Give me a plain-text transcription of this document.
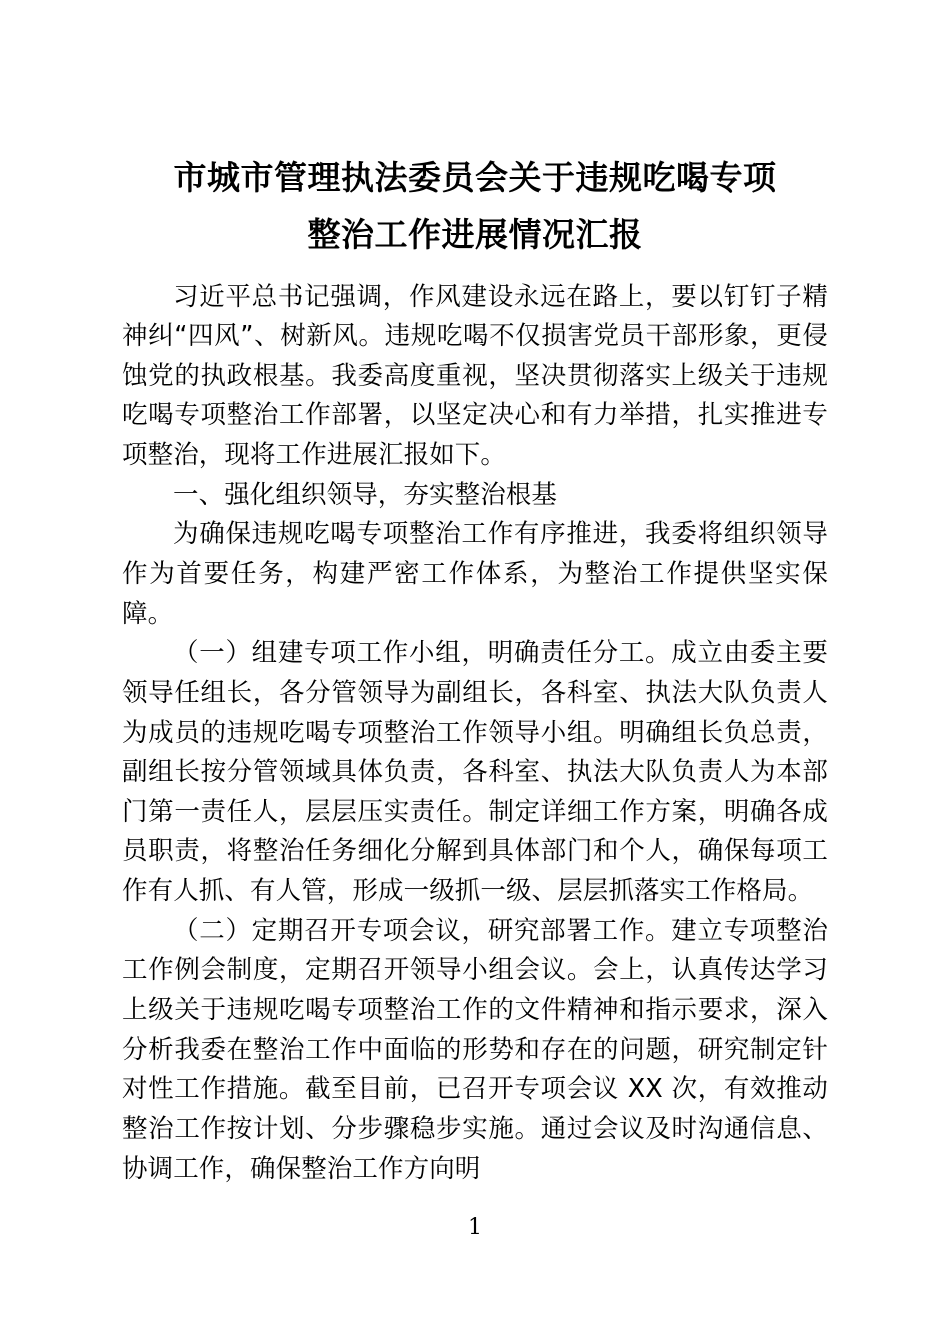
市城市管理执法委员会关于违规吃喝专项
整治工作进展情况汇报

习近平总书记强调，作风建设永远在路上，要以钉钉子精神纠“四风”、树新风。违规吃喝不仅损害党员干部形象，更侵蚀党的执政根基。我委高度重视，坚决贯彻落实上级关于违规吃喝专项整治工作部署，以坚定决心和有力举措，扎实推进专项整治，现将工作进展汇报如下。

一、强化组织领导，夯实整治根基

为确保违规吃喝专项整治工作有序推进，我委将组织领导作为首要任务，构建严密工作体系，为整治工作提供坚实保障。

（一）组建专项工作小组，明确责任分工。成立由委主要领导任组长，各分管领导为副组长，各科室、执法大队负责人为成员的违规吃喝专项整治工作领导小组。明确组长负总责，副组长按分管领域具体负责，各科室、执法大队负责人为本部门第一责任人，层层压实责任。制定详细工作方案，明确各成员职责，将整治任务细化分解到具体部门和个人，确保每项工作有人抓、有人管，形成一级抓一级、层层抓落实工作格局。

（二）定期召开专项会议，研究部署工作。建立专项整治工作例会制度，定期召开领导小组会议。会上，认真传达学习上级关于违规吃喝专项整治工作的文件精神和指示要求，深入分析我委在整治工作中面临的形势和存在的问题，研究制定针对性工作措施。截至目前，已召开专项会议 XX 次，有效推动整治工作按计划、分步骤稳步实施。通过会议及时沟通信息、协调工作，确保整治工作方向明

1
